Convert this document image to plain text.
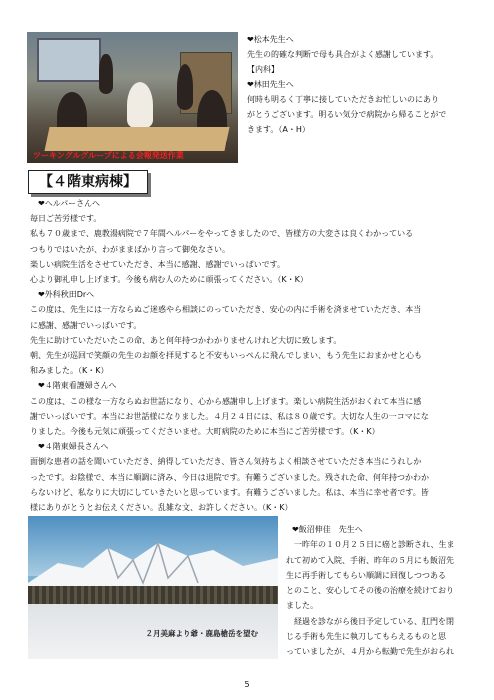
ツーキングルグループによる会報発送作業

❤松本先生へ

先生の的確な判断で母も具合がよく感謝しています。

【内科】

❤林田先生へ

何時も明るく丁寧に接していただきお忙しいのにあり

がとうございます。明るい気分で病院から帰ることがで

きます。（A・H）

【４階東病棟】

❤ヘルパーさんへ

毎日ご苦労様です。

私も７０歳まで、鹿教湯病院で７年間ヘルパーをやってきましたので、皆様方の大変さは良くわかっている

つもりではいたが、わがままばかり言って御免なさい。

楽しい病院生活をさせていただき、本当に感謝、感謝でいっぱいです。

心より御礼申し上げます。今後も病む人のために頑張ってください。（K・K）

❤外科秋田Drへ

この度は、先生には一方ならぬご迷惑やら相談にのっていただき、安心の内に手術を済ませていただき、本当

に感謝、感謝でいっぱいです。

先生に助けていただいたこの命、あと何年持つかわかりませんけれど大切に致します。

朝、先生が巡回で笑顔の先生のお顔を拝見すると不安もいっぺんに飛んでしまい、もう先生におまかせと心も

和みました。（K・K）

❤４階東看護婦さんへ

この度は、この様な一方ならぬお世話になり、心から感謝申し上げます。楽しい病院生活がおくれて本当に感

謝でいっぱいです。本当にお世話様になりました。４月２４日には、私は８０歳です。大切な人生の一コマにな

りました。今後も元気に頑張ってくださいませ。大町病院のために本当にご苦労様です。（K・K）

❤４階東婦長さんへ

面倒な患者の話を聞いていただき、納得していただき、皆さん気持ちよく相談させていただき本当にうれしか

ったです。お陰様で、本当に順調に済み、今日は退院です。有難うございました。残された命、何年持つかわか

らないけど、私なりに大切にしていきたいと思っています。有難うございました。私は、本当に幸せ者です。皆

様にありがとうとお伝えください。乱雑な文、お許しください。（K・K）

２月美麻より爺・鹿島槍岳を望む

❤飯沼伸佳　先生へ

一昨年の１０月２５日に癌と診断され、生ま

れて初めて入院、手術、昨年の５月にも飯沼先

生に再手術してもらい順調に回復しつつある

とのこと、安心してその後の治療を続けており

ました。

経過を診ながら後日予定している、肛門を閉

じる手術も先生に執刀してもらえるものと思

っていましたが、４月から転勤で先生がおられ

5
